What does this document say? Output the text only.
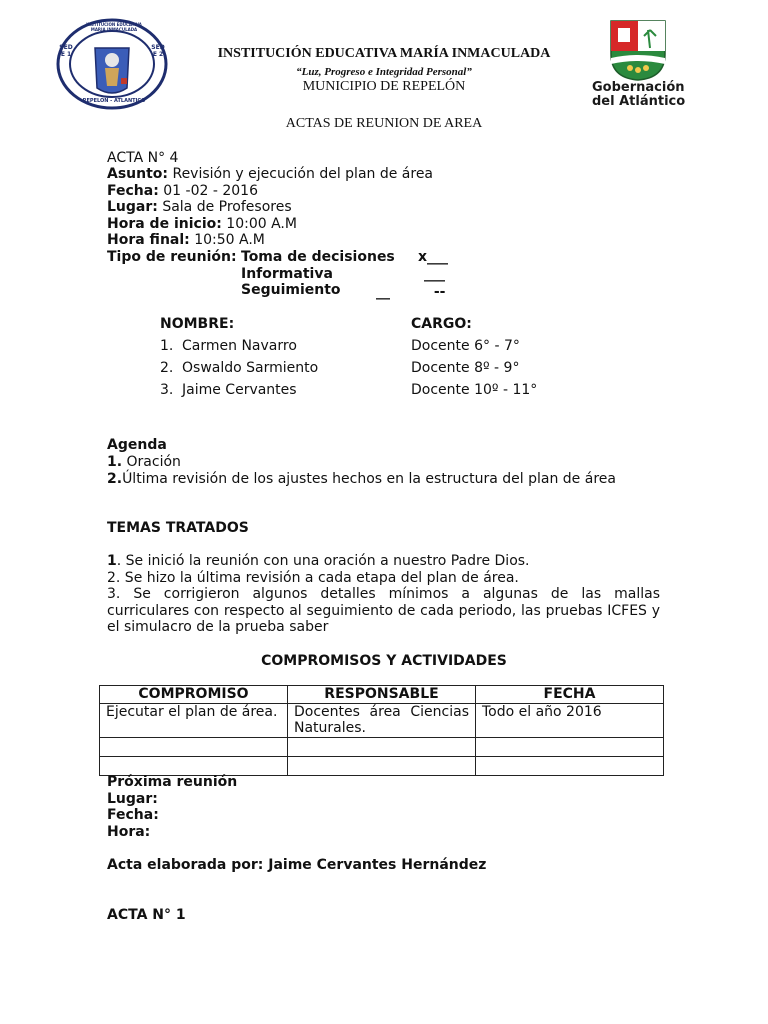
INSTITUCION EDUCATIVA MARIA INMACULADA
SEDE 1
SEDE 2
REPELON - ATLANTICO
INSTITUCIÓN EDUCATIVA MARÍA INMACULADA
“Luz, Progreso e Integridad Personal”
MUNICIPIO DE REPELÓN	Gobernación
del Atlántico
ACTAS DE REUNION DE AREA
ACTA N° 4
Asunto: Revisión y ejecución del plan de área
Fecha: 01 -02 - 2016
Lugar: Sala de Profesores
Hora de inicio: 10:00 A.M
Hora final: 10:50 A.M
Tipo de reunión: Toma de decisiones x___
Informativa	___
Seguimiento	__         --
NOMBRE:	CARGO:
1. Carmen Navarro	Docente 6° - 7°
2. Oswaldo Sarmiento	Docente 8º - 9°
3. Jaime Cervantes	Docente 10º - 11°
Agenda
1. Oración
2.Última revisión de los ajustes hechos en la estructura del plan de área
TEMAS TRATADOS
1. Se inició la reunión con una oración a nuestro Padre Dios.
2. Se hizo la última revisión a cada etapa del plan de área.
3. Se corrigieron algunos detalles mínimos a algunas de las mallas curriculares con respecto al seguimiento de cada periodo, las pruebas ICFES y el simulacro de la prueba saber
COMPROMISOS Y ACTIVIDADES
COMPROMISO	RESPONSABLE	FECHA
Ejecutar el plan de área.	Docentes área Ciencias Naturales.	Todo el año 2016

Próxima reunión
Lugar:
Fecha:
Hora:
Acta elaborada por: Jaime Cervantes Hernández
ACTA N° 1
